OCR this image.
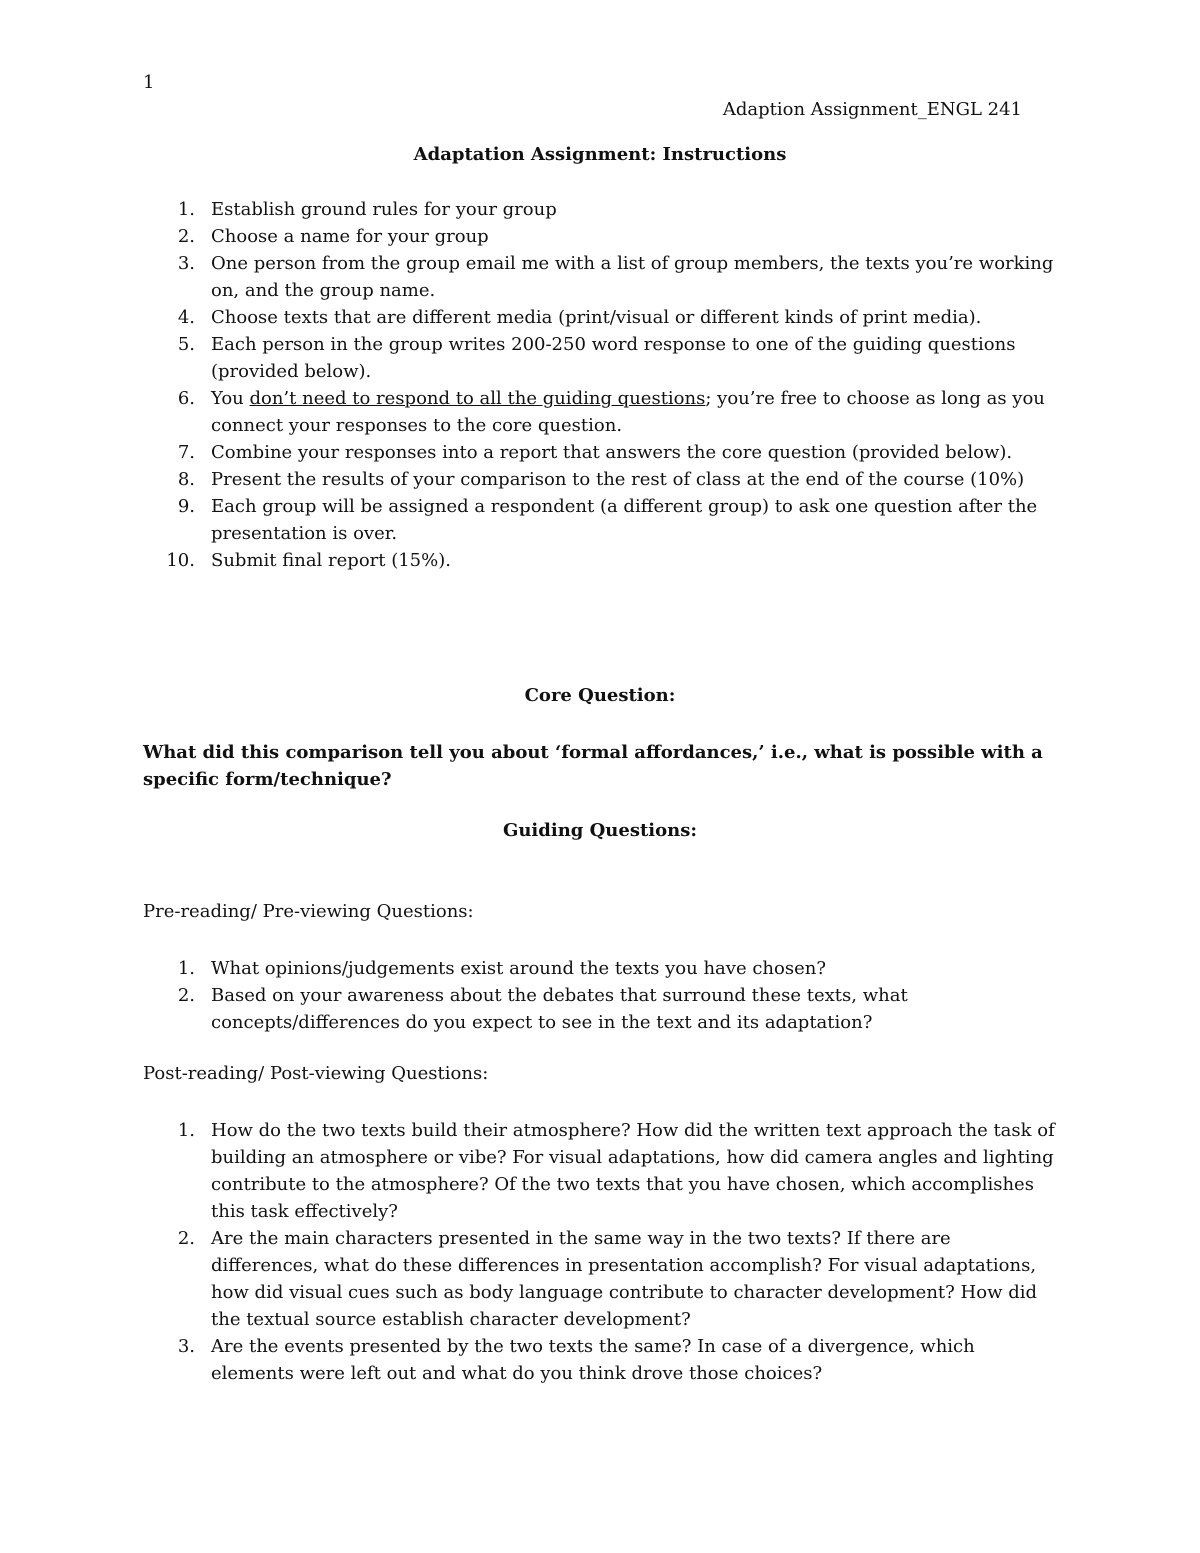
1
Adaption Assignment_ENGL 241
Adaptation Assignment: Instructions
1. Establish ground rules for your group
2. Choose a name for your group
3. One person from the group email me with a list of group members, the texts you’re working on, and the group name.
4. Choose texts that are different media (print/visual or different kinds of print media).
5. Each person in the group writes 200-250 word response to one of the guiding questions (provided below).
6. You don’t need to respond to all the guiding questions; you’re free to choose as long as you connect your responses to the core question.
7. Combine your responses into a report that answers the core question (provided below).
8. Present the results of your comparison to the rest of class at the end of the course (10%)
9. Each group will be assigned a respondent (a different group) to ask one question after the presentation is over.
10. Submit final report (15%).
Core Question:
What did this comparison tell you about ‘formal affordances,’ i.e., what is possible with a specific form/technique?
Guiding Questions:
Pre-reading/ Pre-viewing Questions:
1. What opinions/judgements exist around the texts you have chosen?
2. Based on your awareness about the debates that surround these texts, what concepts/differences do you expect to see in the text and its adaptation?
Post-reading/ Post-viewing Questions:
1. How do the two texts build their atmosphere? How did the written text approach the task of building an atmosphere or vibe? For visual adaptations, how did camera angles and lighting contribute to the atmosphere? Of the two texts that you have chosen, which accomplishes this task effectively?
2. Are the main characters presented in the same way in the two texts? If there are differences, what do these differences in presentation accomplish? For visual adaptations, how did visual cues such as body language contribute to character development? How did the textual source establish character development?
3. Are the events presented by the two texts the same? In case of a divergence, which elements were left out and what do you think drove those choices?
